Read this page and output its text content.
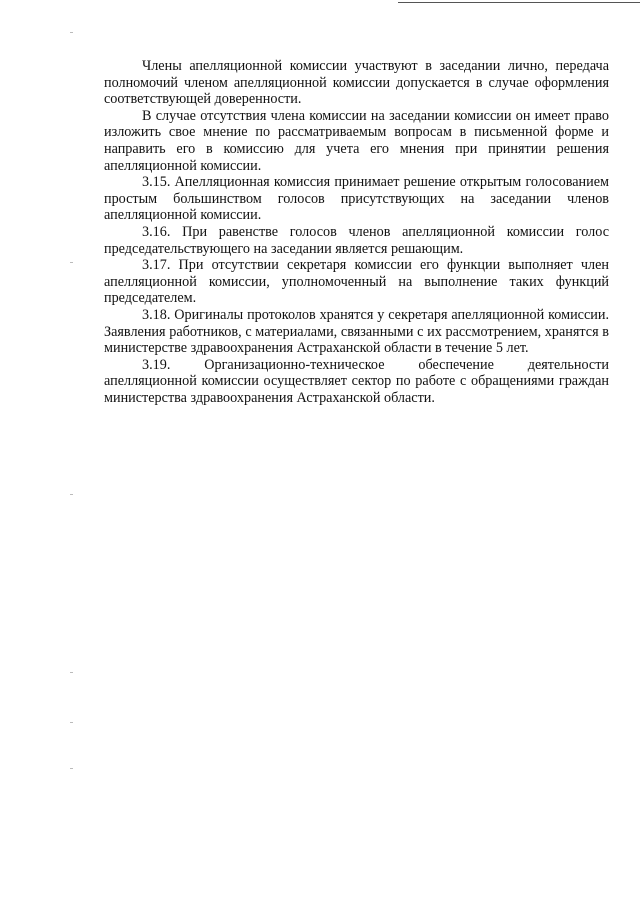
Члены апелляционной комиссии участвуют в заседании лично, передача полномочий членом апелляционной комиссии допускается в случае оформления соответствующей доверенности.

В случае отсутствия члена комиссии на заседании комиссии он имеет право изложить свое мнение по рассматриваемым вопросам в письменной форме и направить его в комиссию для учета его мнения при принятии решения апелляционной комиссии.

3.15. Апелляционная комиссия принимает решение открытым голосованием простым большинством голосов присутствующих на заседании членов апелляционной комиссии.

3.16. При равенстве голосов членов апелляционной комиссии голос председательствующего на заседании является решающим.

3.17. При отсутствии секретаря комиссии его функции выполняет член апелляционной комиссии, уполномоченный на выполнение таких функций председателем.

3.18. Оригиналы протоколов хранятся у секретаря апелляционной комиссии. Заявления работников, с материалами, связанными с их рассмотрением, хранятся в министерстве здравоохранения Астраханской области в течение 5 лет.

3.19. Организационно-техническое обеспечение деятельности апелляционной комиссии осуществляет сектор по работе с обращениями граждан министерства здравоохранения Астраханской области.
